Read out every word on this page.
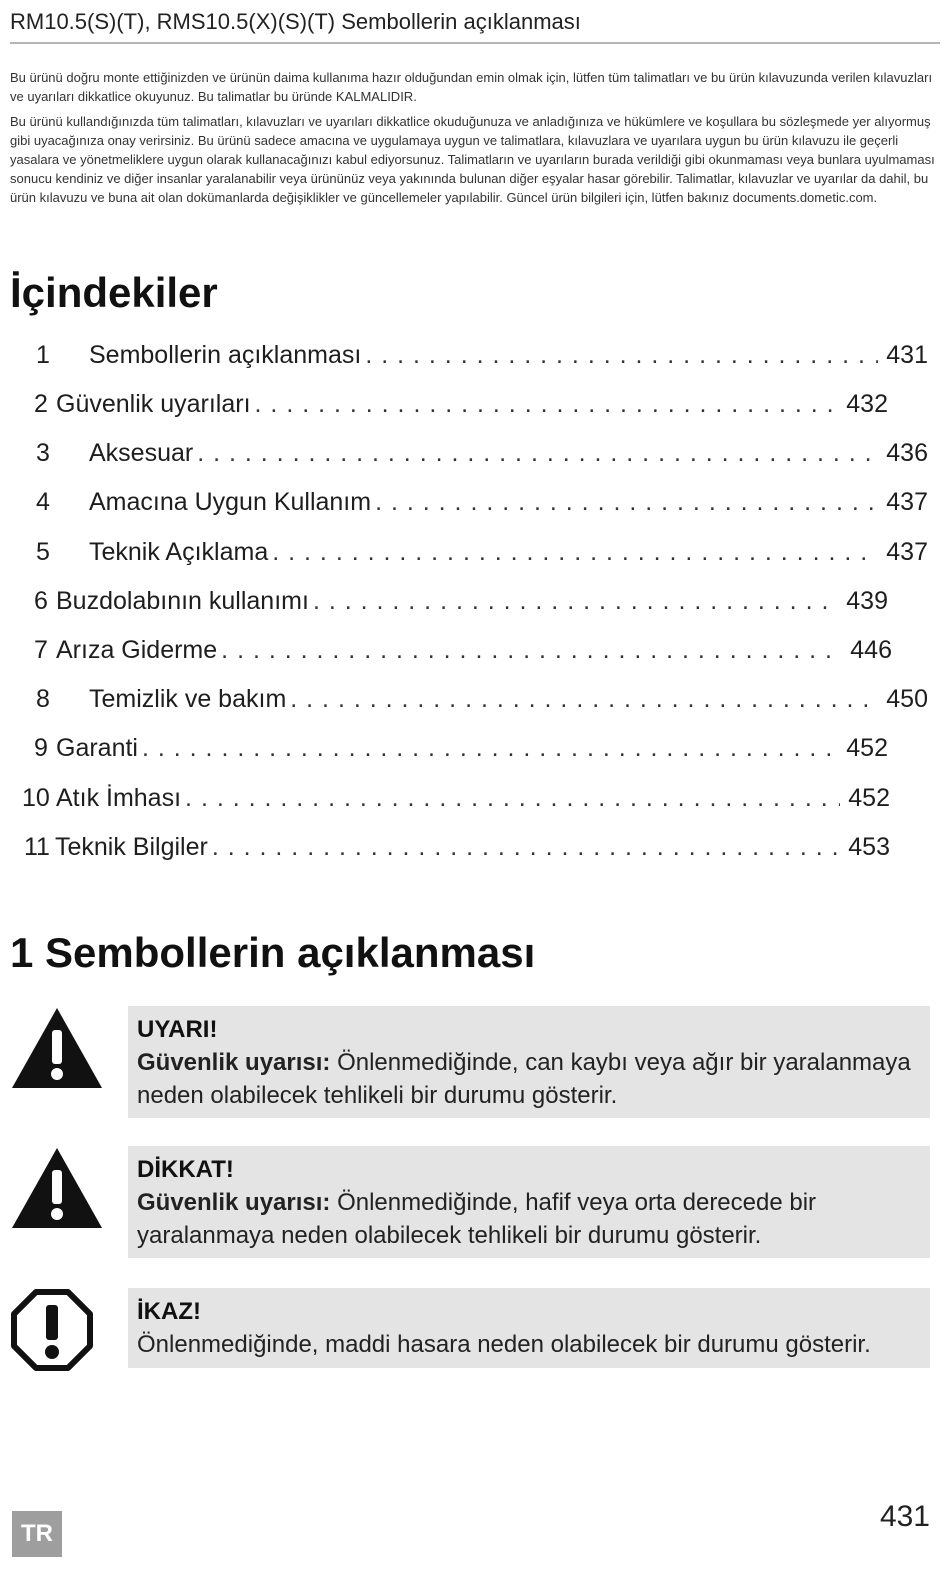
RM10.5(S)(T), RMS10.5(X)(S)(T) Sembollerin açıklanması

Bu ürünü doğru monte ettiğinizden ve ürünün daima kullanıma hazır olduğundan emin olmak için, lütfen tüm talimatları ve bu ürün kılavuzunda verilen kılavuzları ve uyarıları dikkatlice okuyunuz. Bu talimatlar bu üründe KALMALIDIR.

Bu ürünü kullandığınızda tüm talimatları, kılavuzları ve uyarıları dikkatlice okuduğunuza ve anladığınıza ve hükümlere ve koşullara bu sözleşmede yer alıyormuş gibi uyacağınıza onay verirsiniz. Bu ürünü sadece amacına ve uygulamaya uygun ve talimatlara, kılavuzlara ve uyarılara uygun bu ürün kılavuzu ile geçerli yasalara ve yönetmeliklere uygun olarak kullanacağınızı kabul ediyorsunuz. Talimatların ve uyarıların burada verildiği gibi okunmaması veya bunlara uyulmaması sonucu kendiniz ve diğer insanlar yaralanabilir veya ürününüz veya yakınında bulunan diğer eşyalar hasar görebilir. Talimatlar, kılavuzlar ve uyarılar da dahil, bu ürün kılavuzu ve buna ait olan dokümanlarda değişiklikler ve güncellemeler yapılabilir. Güncel ürün bilgileri için, lütfen bakınız documents.dometic.com.

İçindekiler
1	Sembollerin açıklanması . . .	431
2 Güvenlik uyarıları . . .	432
3	Aksesuar . . .	436
4	Amacına Uygun Kullanım . . .	437
5	Teknik Açıklama . . .	437
6 Buzdolabının kullanımı . . .	439
7 Arıza Giderme . . .	446
8	Temizlik ve bakım . . .	450
9 Garanti . . .	452
10 Atık İmhası . . .	452
11 Teknik Bilgiler . . .	453
1 Sembollerin açıklanması
UYARI!
Güvenlik uyarısı: Önlenmediğinde, can kaybı veya ağır bir yaralanmaya neden olabilecek tehlikeli bir durumu gösterir.
DİKKAT!
Güvenlik uyarısı: Önlenmediğinde, hafif veya orta derecede bir yaralanmaya neden olabilecek tehlikeli bir durumu gösterir.
İKAZ!
Önlenmediğinde, maddi hasara neden olabilecek bir durumu gösterir.
TR
431
